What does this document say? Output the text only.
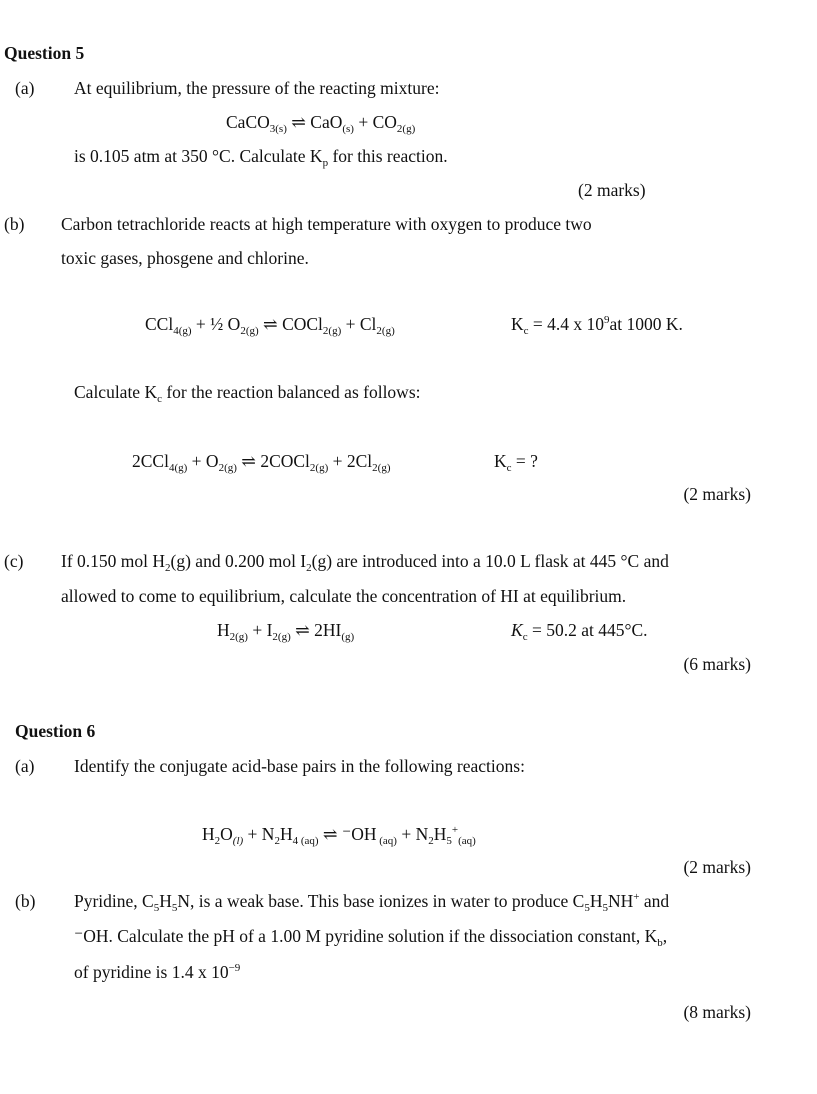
Question 5
(a) At equilibrium, the pressure of the reacting mixture:
CaCO$_{3(s)}$ ⇌ $CaO_{(s)} + CO_{2(g)}$
is 0.105 atm at 350 °C. Calculate $K_p$ for this reaction.
(2 marks)
(b) Carbon tetrachloride reacts at high temperature with oxygen to produce two
toxic gases, phosgene and chlorine.
CCl$_{4(g)}$ + ½ $O_{2(g)}$ ⇌ COCl$_{2(g)}$ + $Cl_{2(g)}$	$K_c = 4.4$ x $10^9at$ 1000 K.
Calculate $K_c$ for the reaction balanced as follows:
$2CCl_{4(g)} + O_{2(g)}$ ⇌ 2COCl$_{2(g)}$ + $2Cl_{2(g)}$	$K_c$ = ?
(2 marks)
(c) If 0.150 mol $H_2(g)$ and 0.200 mol $I_2(g)$ are introduced into a 10.0 L flask at 445 °C and
allowed to come to equilibrium, calculate the concentration of HI at equilibrium.
$H_{2(g)} + I_{2(g)}$ ⇌ $2HI_{(g)}$	$K_c = 50.2$ at 445°C.
(6 marks)
Question 6
(a) Identify the conjugate acid-base pairs in the following reactions:
$H_2O_{(l)} + N_2H_{4 (aq)}$ ⇌ ⁻OH $_{(aq)} + N_2H_5^+_{(aq)}$
(2 marks)
(b) Pyridine, $C_5H_5N$, is a weak base. This base ionizes in water to produce $C_5H_5NH^+$ and
⁻OH. Calculate the pH of a 1.00 M pyridine solution if the dissociation constant, $K_b$,
of pyridine is 1.4 x $10^{-9}$
(8 marks)
